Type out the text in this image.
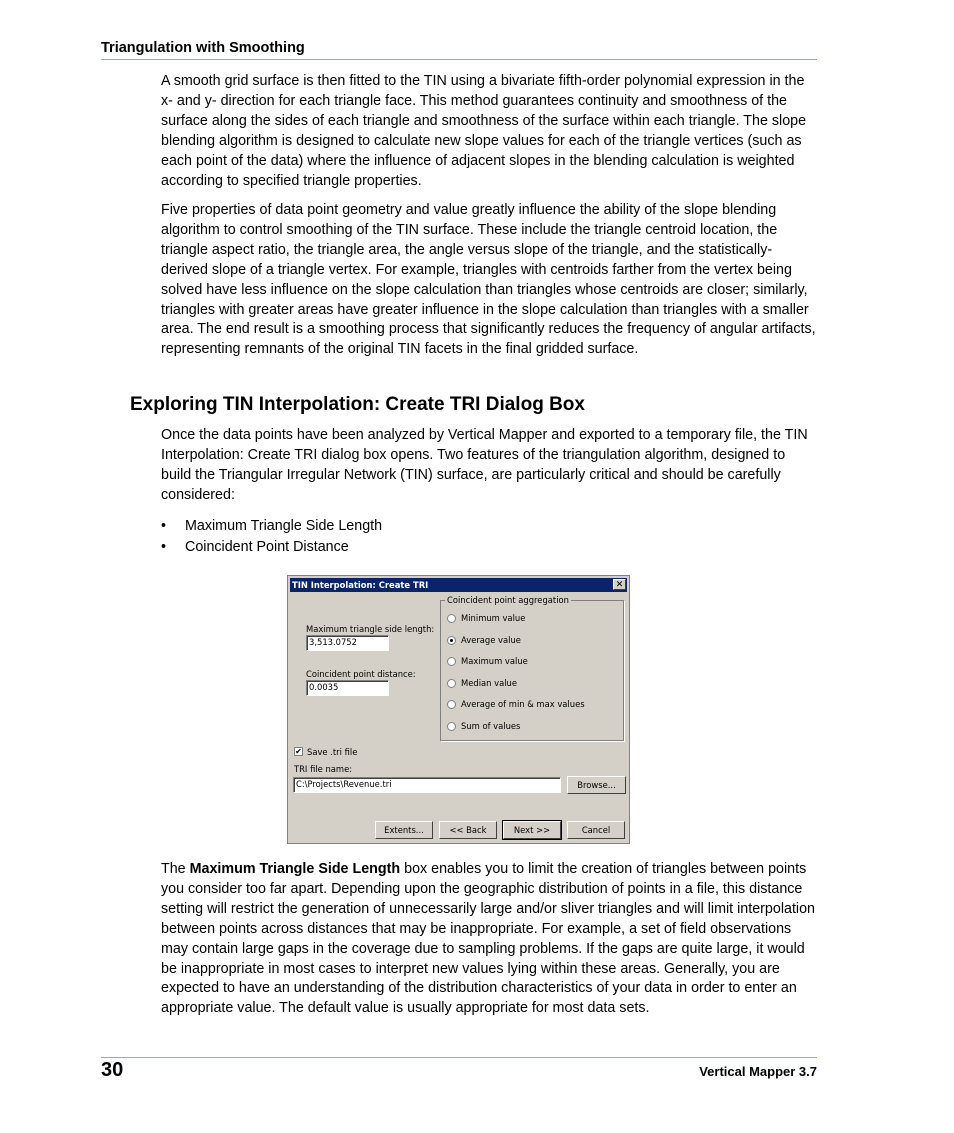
Triangulation with Smoothing

A smooth grid surface is then fitted to the TIN using a bivariate fifth-order polynomial expression in the x- and y- direction for each triangle face. This method guarantees continuity and smoothness of the surface along the sides of each triangle and smoothness of the surface within each triangle. The slope blending algorithm is designed to calculate new slope values for each of the triangle vertices (such as each point of the data) where the influence of adjacent slopes in the blending calculation is weighted according to specified triangle properties.

Five properties of data point geometry and value greatly influence the ability of the slope blending algorithm to control smoothing of the TIN surface. These include the triangle centroid location, the triangle aspect ratio, the triangle area, the angle versus slope of the triangle, and the statistically-derived slope of a triangle vertex. For example, triangles with centroids farther from the vertex being solved have less influence on the slope calculation than triangles whose centroids are closer; similarly, triangles with greater areas have greater influence in the slope calculation than triangles with a smaller area. The end result is a smoothing process that significantly reduces the frequency of angular artifacts, representing remnants of the original TIN facets in the final gridded surface.

Exploring TIN Interpolation: Create TRI Dialog Box

Once the data points have been analyzed by Vertical Mapper and exported to a temporary file, the TIN Interpolation: Create TRI dialog box opens. Two features of the triangulation algorithm, designed to build the Triangular Irregular Network (TIN) surface, are particularly critical and should be carefully considered:

• Maximum Triangle Side Length
• Coincident Point Distance
TIN Interpolation: Create TRI	✕
Maximum triangle side length:
3,513.0752
Coincident point distance:
0.0035
Coincident point aggregation
Minimum value
Average value
Maximum value
Median value
Average of min & max values
Sum of values
✔ Save .tri file
TRI file name:
C:\Projects\Revenue.tri	Browse...
Extents...	<< Back	Next >>	Cancel

The Maximum Triangle Side Length box enables you to limit the creation of triangles between points you consider too far apart. Depending upon the geographic distribution of points in a file, this distance setting will restrict the generation of unnecessarily large and/or sliver triangles and will limit interpolation between points across distances that may be inappropriate. For example, a set of field observations may contain large gaps in the coverage due to sampling problems. If the gaps are quite large, it would be inappropriate in most cases to interpret new values lying within these areas. Generally, you are expected to have an understanding of the distribution characteristics of your data in order to enter an appropriate value. The default value is usually appropriate for most data sets.

30	Vertical Mapper 3.7
